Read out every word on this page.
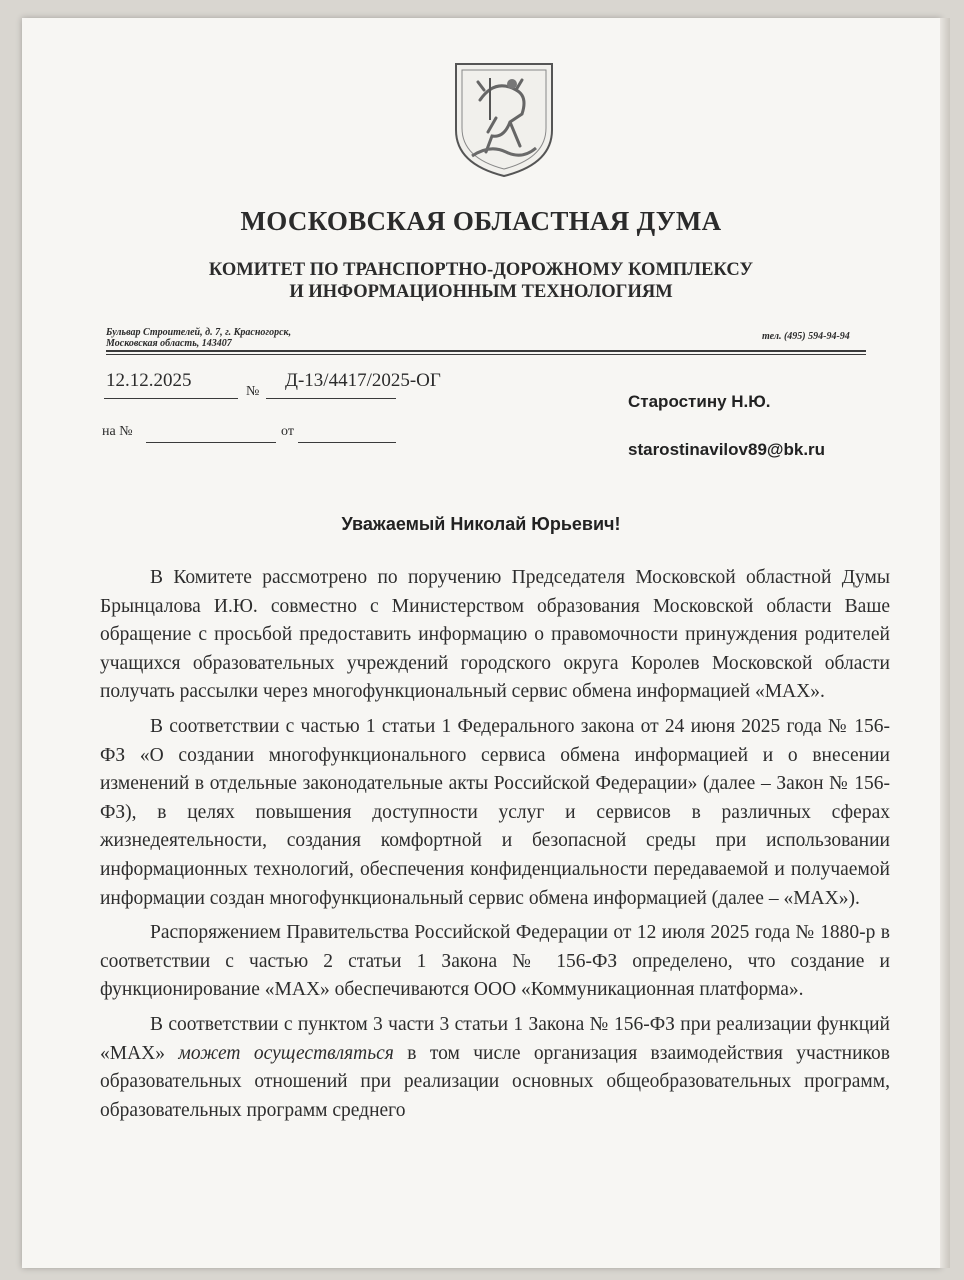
МОСКОВСКАЯ ОБЛАСТНАЯ ДУМА
КОМИТЕТ ПО ТРАНСПОРТНО-ДОРОЖНОМУ КОМПЛЕКСУ
И ИНФОРМАЦИОННЫМ ТЕХНОЛОГИЯМ
Бульвар Строителей, д. 7, г. Красногорск,
Московская область, 143407
тел. (495) 594-94-94
12.12.2025
№
Д-13/4417/2025-ОГ
на №	от
Старостину Н.Ю.
starostinavilov89@bk.ru
Уважаемый Николай Юрьевич!

В Комитете рассмотрено по поручению Председателя Московской областной Думы Брынцалова И.Ю. совместно с Министерством образования Московской области Ваше обращение с просьбой предоставить информацию о правомочности принуждения родителей учащихся образовательных учреждений городского округа Королев Московской области получать рассылки через многофункциональный сервис обмена информацией «МАХ».

В соответствии с частью 1 статьи 1 Федерального закона от 24 июня 2025 года № 156-ФЗ «О создании многофункционального сервиса обмена информацией и о внесении изменений в отдельные законодательные акты Российской Федерации» (далее – Закон № 156-ФЗ), в целях повышения доступности услуг и сервисов в различных сферах жизнедеятельности, создания комфортной и безопасной среды при использовании информационных технологий, обеспечения конфиденциальности передаваемой и получаемой информации создан многофункциональный сервис обмена информацией (далее – «МАХ»).

Распоряжением Правительства Российской Федерации от 12 июля 2025 года № 1880-р в соответствии с частью 2 статьи 1 Закона № 156-ФЗ определено, что создание и функционирование «МАХ» обеспечиваются ООО «Коммуникационная платформа».

В соответствии с пунктом 3 части 3 статьи 1 Закона № 156-ФЗ при реализации функций «МАХ» может осуществляться в том числе организация взаимодействия участников образовательных отношений при реализации основных общеобразовательных программ, образовательных программ среднего
